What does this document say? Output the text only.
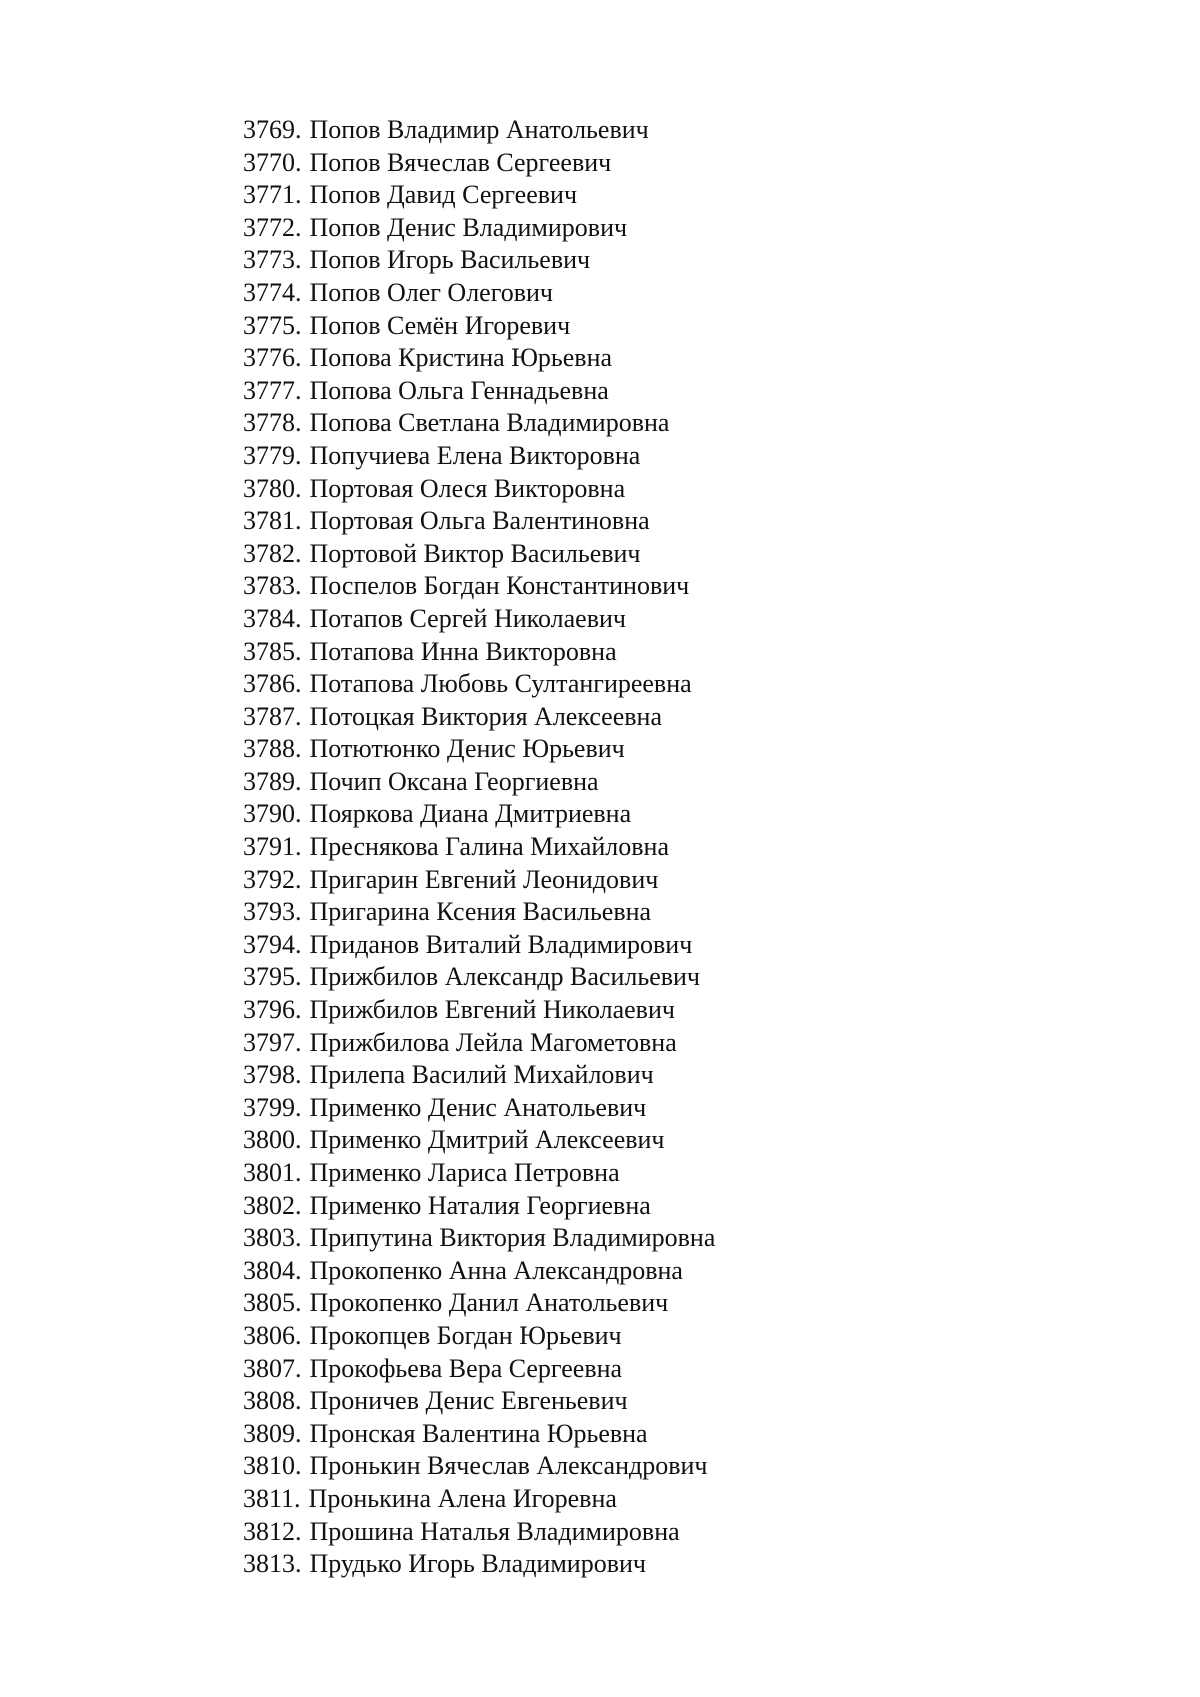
3769. Попов Владимир Анатольевич
3770. Попов Вячеслав Сергеевич
3771. Попов Давид Сергеевич
3772. Попов Денис Владимирович
3773. Попов Игорь Васильевич
3774. Попов Олег Олегович
3775. Попов Семён Игоревич
3776. Попова Кристина Юрьевна
3777. Попова Ольга Геннадьевна
3778. Попова Светлана Владимировна
3779. Попучиева Елена Викторовна
3780. Портовая Олеся Викторовна
3781. Портовая Ольга Валентиновна
3782. Портовой Виктор Васильевич
3783. Поспелов Богдан Константинович
3784. Потапов Сергей Николаевич
3785. Потапова Инна Викторовна
3786. Потапова Любовь Султангиреевна
3787. Потоцкая Виктория Алексеевна
3788. Потютюнко Денис Юрьевич
3789. Почип Оксана Георгиевна
3790. Пояркова Диана Дмитриевна
3791. Преснякова Галина Михайловна
3792. Пригарин Евгений Леонидович
3793. Пригарина Ксения Васильевна
3794. Приданов Виталий Владимирович
3795. Прижбилов Александр Васильевич
3796. Прижбилов Евгений Николаевич
3797. Прижбилова Лейла Магометовна
3798. Прилепа Василий Михайлович
3799. Применко Денис Анатольевич
3800. Применко Дмитрий Алексеевич
3801. Применко Лариса Петровна
3802. Применко Наталия Георгиевна
3803. Припутина Виктория Владимировна
3804. Прокопенко Анна Александровна
3805. Прокопенко Данил Анатольевич
3806. Прокопцев Богдан Юрьевич
3807. Прокофьева Вера Сергеевна
3808. Проничев Денис Евгеньевич
3809. Пронская Валентина Юрьевна
3810. Пронькин Вячеслав Александрович
3811. Пронькина Алена Игоревна
3812. Прошина Наталья Владимировна
3813. Прудько Игорь Владимирович
